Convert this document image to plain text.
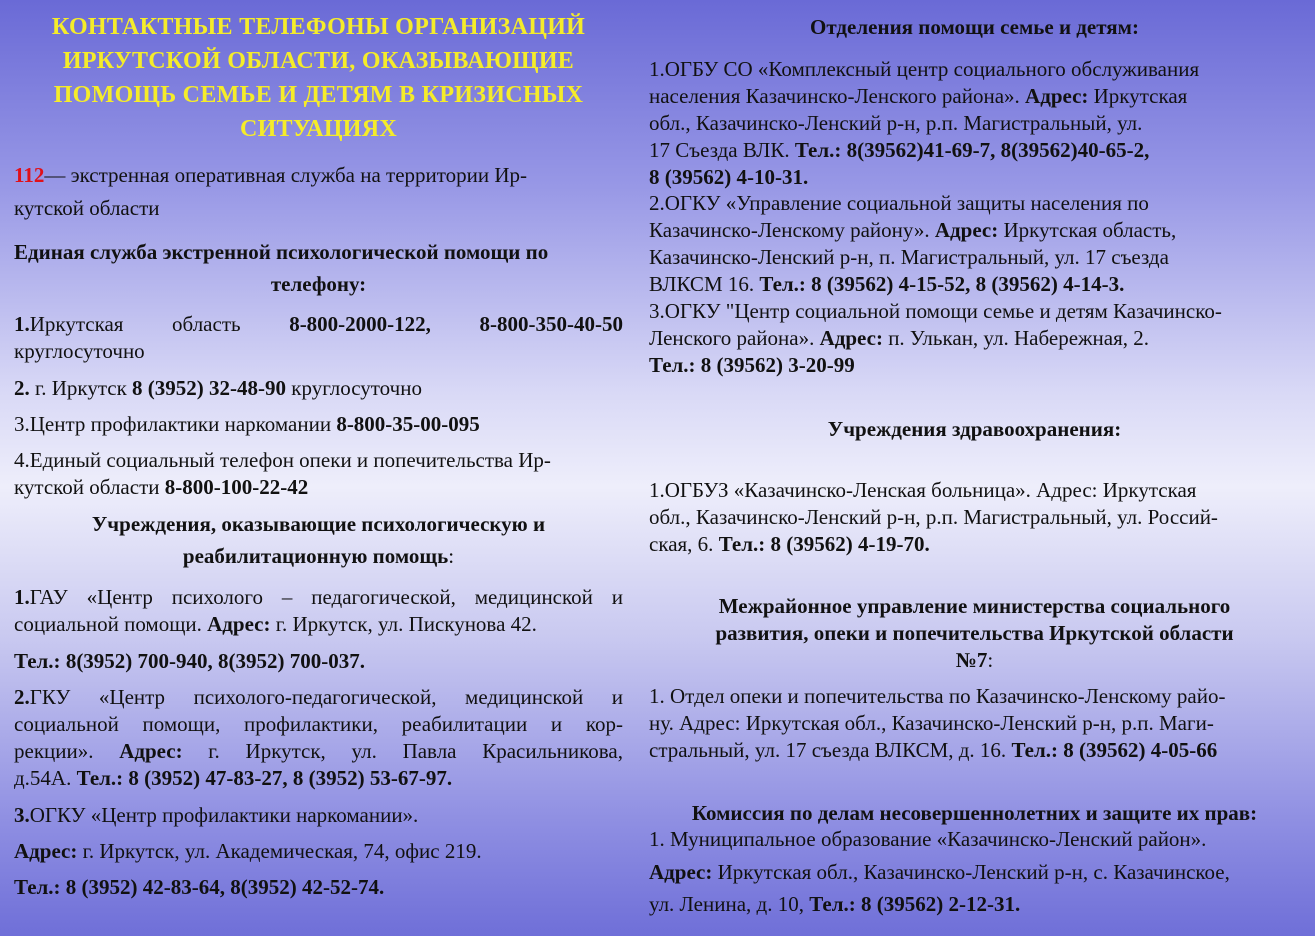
КОНТАКТНЫЕ ТЕЛЕФОНЫ ОРГАНИЗАЦИЙ
ИРКУТСКОЙ ОБЛАСТИ, ОКАЗЫВАЮЩИЕ
ПОМОЩЬ СЕМЬЕ И ДЕТЯМ В КРИЗИСНЫХ
СИТУАЦИЯХ

112— экстренная оперативная служба на территории Ир-

кутской области

Единая служба экстренной психологической помощи по

телефону:

1.Иркутская область 8-800-2000-122, 8-800-350-40-50

круглосуточно

2. г. Иркутск 8 (3952) 32-48-90 круглосуточно

3.Центр профилактики наркомании 8-800-35-00-095

4.Единый социальный телефон опеки и попечительства Ир-

кутской области 8-800-100-22-42

Учреждения, оказывающие психологическую и

реабилитационную помощь:

1.ГАУ «Центр психолого – педагогической, медицинской и

социальной помощи. Адрес: г. Иркутск, ул. Пискунова 42.

Тел.: 8(3952) 700-940, 8(3952) 700-037.

2.ГКУ «Центр психолого-педагогической, медицинской и

социальной помощи, профилактики, реабилитации и кор-

рекции». Адрес: г. Иркутск, ул. Павла Красильникова,

д.54А. Тел.: 8 (3952) 47-83-27, 8 (3952) 53-67-97.

3.ОГКУ «Центр профилактики наркомании».

Адрес: г. Иркутск, ул. Академическая, 74, офис 219.

Тел.: 8 (3952) 42-83-64, 8(3952) 42-52-74.

Отделения помощи семье и детям:

1.ОГБУ СО «Комплексный центр социального обслуживания

населения Казачинско-Ленского района». Адрес: Иркутская

обл., Казачинско-Ленский р-н, р.п. Магистральный, ул.

17 Съезда ВЛК. Тел.: 8(39562)41-69-7, 8(39562)40-65-2,

8 (39562) 4-10-31.

2.ОГКУ «Управление социальной защиты населения по

Казачинско-Ленскому району». Адрес: Иркутская область,

Казачинско-Ленский р-н, п. Магистральный, ул. 17 съезда

ВЛКСМ 16. Тел.: 8 (39562) 4-15-52, 8 (39562) 4-14-3.

3.ОГКУ "Центр социальной помощи семье и детям Казачинско-

Ленского района». Адрес: п. Улькан, ул. Набережная, 2.

Тел.: 8 (39562) 3-20-99

Учреждения здравоохранения:

1.ОГБУЗ «Казачинско-Ленская больница». Адрес: Иркутская

обл., Казачинско-Ленский р-н, р.п. Магистральный, ул. Россий-

ская, 6. Тел.: 8 (39562) 4-19-70.

Межрайонное управление министерства социального

развития, опеки и попечительства Иркутской области

№7:

1. Отдел опеки и попечительства по Казачинско-Ленскому райо-

ну. Адрес: Иркутская обл., Казачинско-Ленский р-н, р.п. Маги-

стральный, ул. 17 съезда ВЛКСМ, д. 16. Тел.: 8 (39562) 4-05-66

Комиссия по делам несовершеннолетних и защите их прав:

1. Муниципальное образование «Казачинско-Ленский район».

Адрес: Иркутская обл., Казачинско-Ленский р-н, с. Казачинское,

ул. Ленина, д. 10, Тел.: 8 (39562) 2-12-31.
